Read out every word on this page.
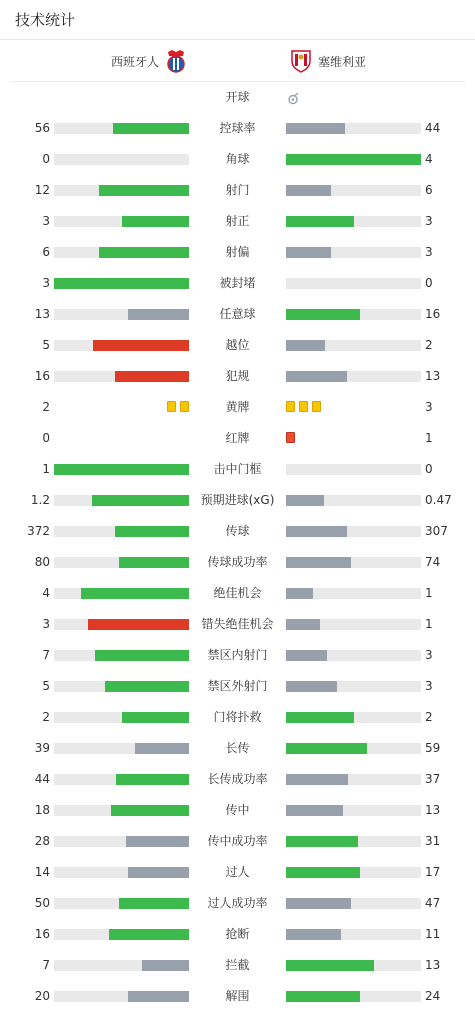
技术统计
西班牙人	塞维利亚
开球
56	控球率	44
0	角球	4
12	射门	6
3	射正	3
6	射偏	3
3	被封堵	0
13	任意球	16
5	越位	2
16	犯规	13
2	黄牌	3
0	红牌	1
1	击中门框	0
1.2	预期进球(xG)	0.47
372	传球	307
80	传球成功率	74
4	绝佳机会	1
3	错失绝佳机会	1
7	禁区内射门	3
5	禁区外射门	3
2	门将扑救	2
39	长传	59
44	长传成功率	37
18	传中	13
28	传中成功率	31
14	过人	17
50	过人成功率	47
16	抢断	11
7	拦截	13
20	解围	24
